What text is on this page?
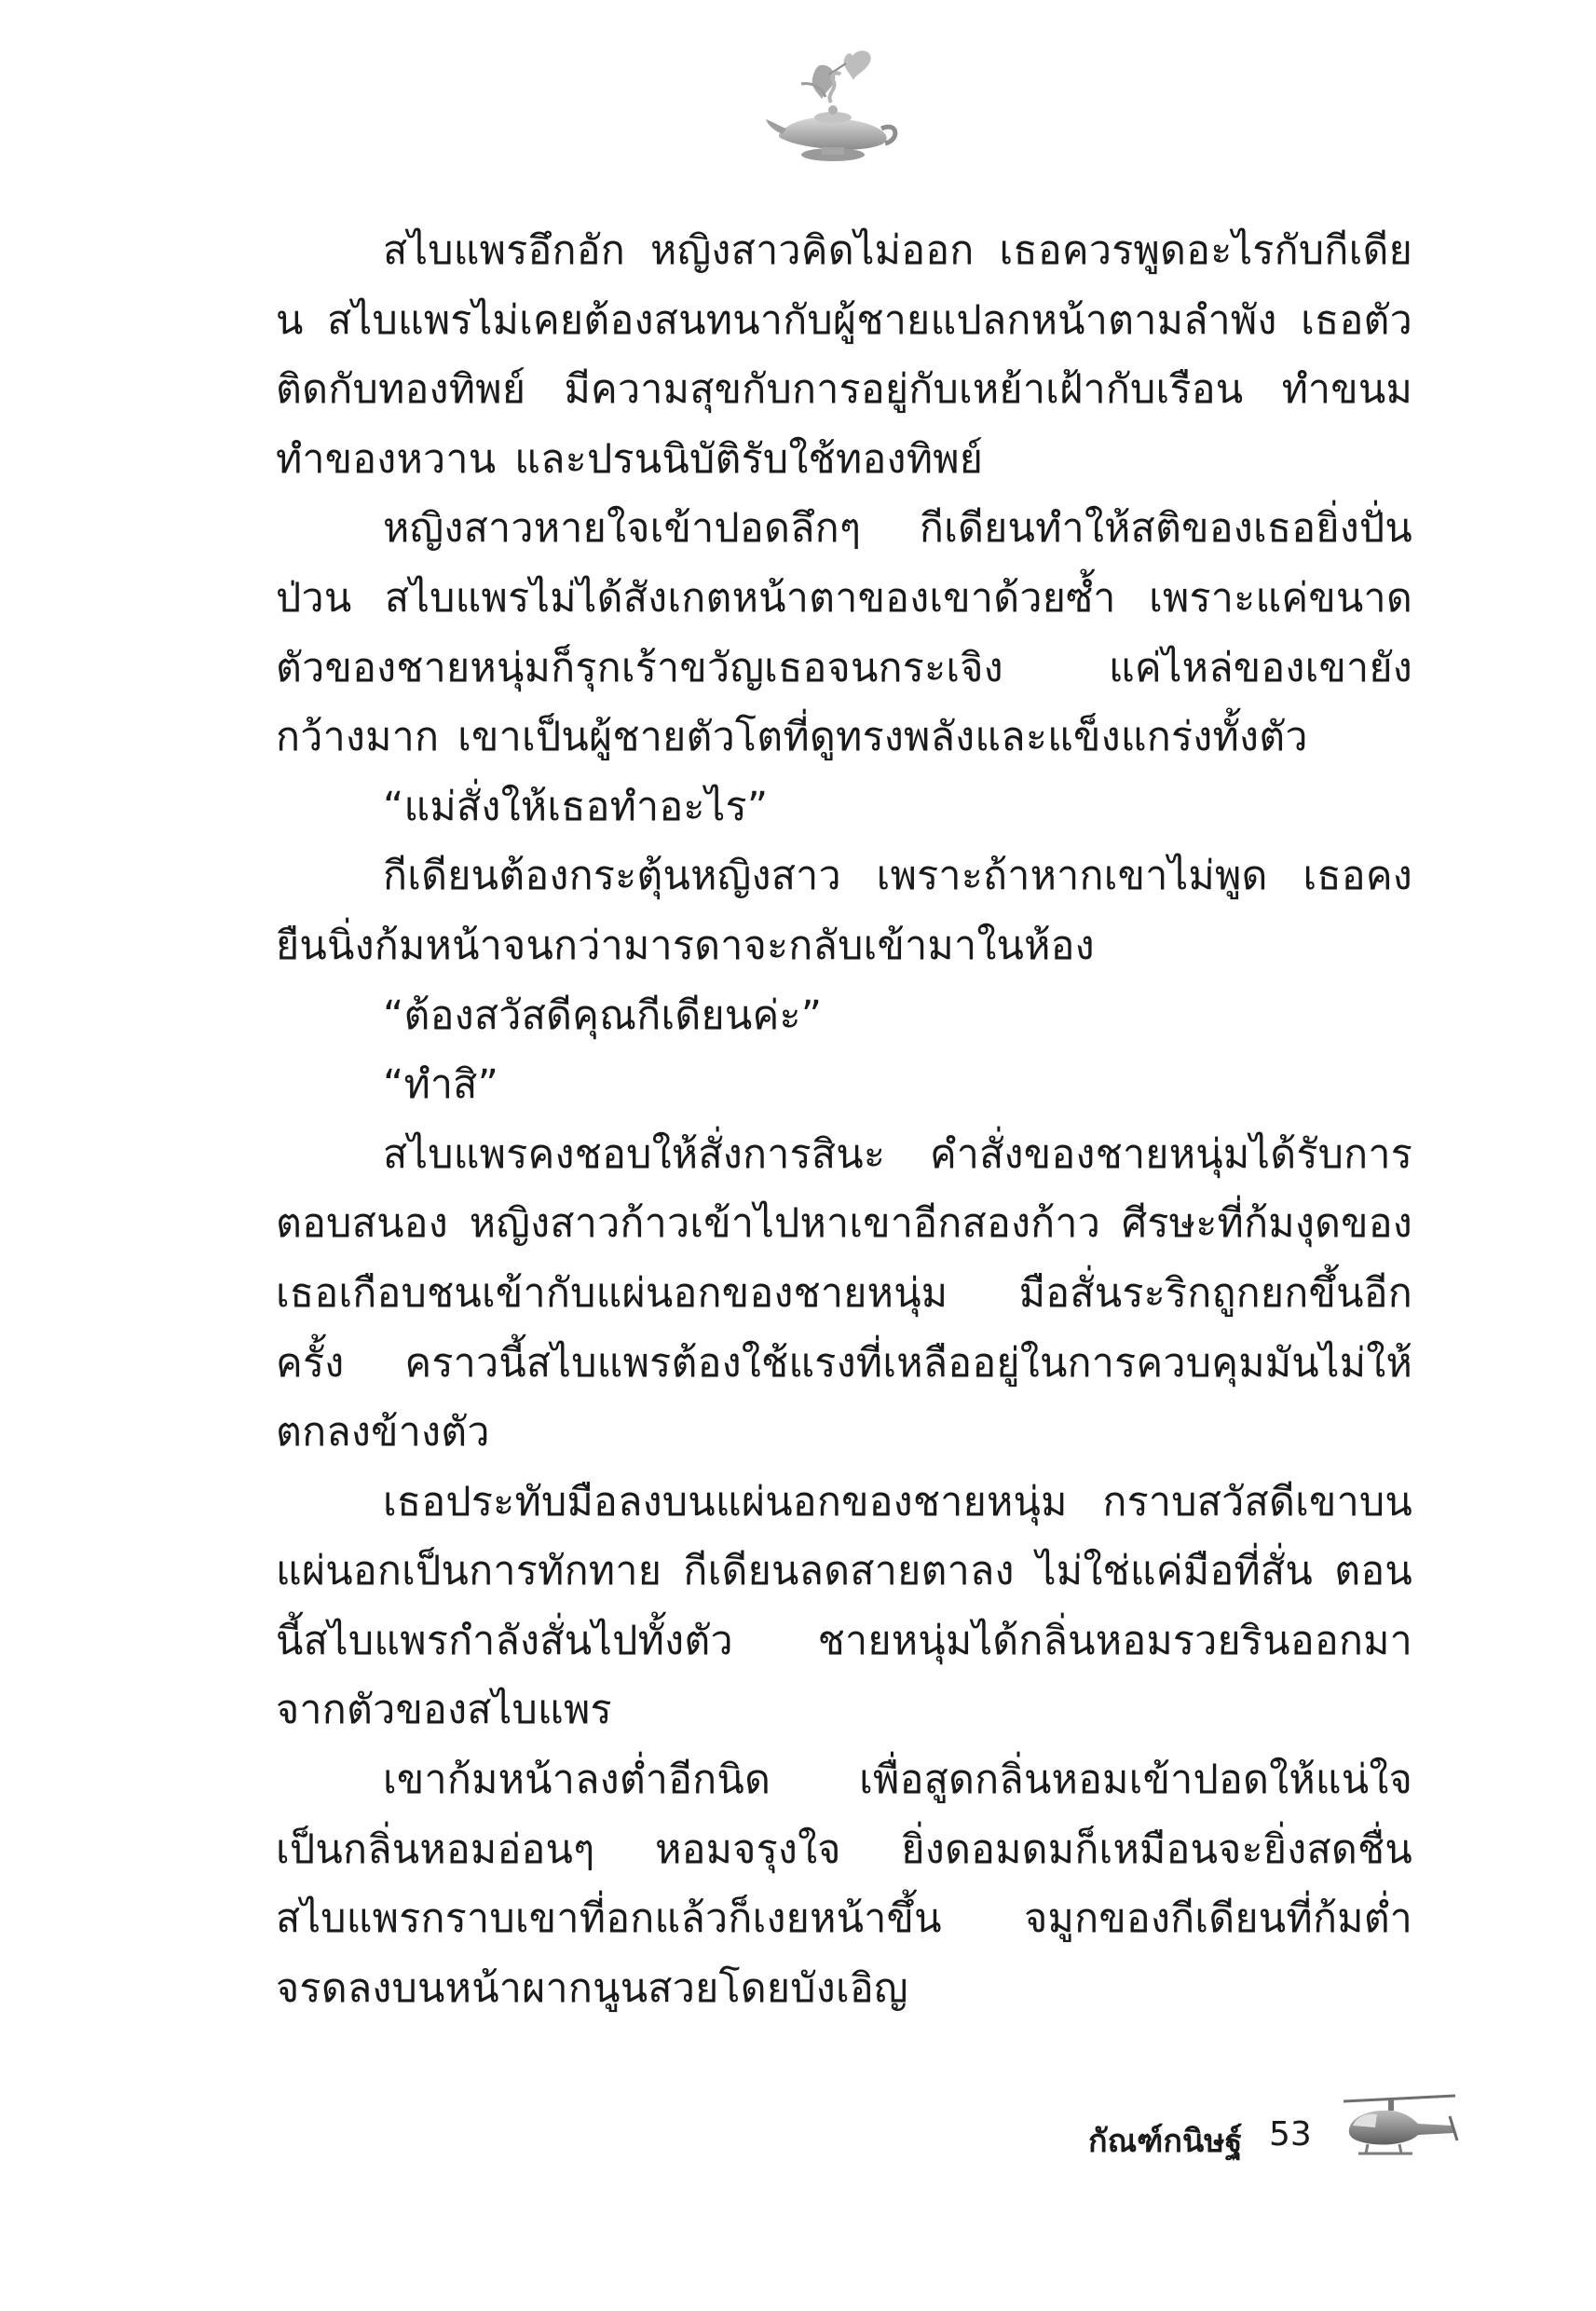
สไบแพรอึกอัก หญิงสาวคิดไม่ออก เธอควรพูดอะไรกับกีเดียน สไบแพรไม่เคยต้องสนทนากับผู้ชายแปลกหน้าตามลำพัง เธอตัวติดกับทองทิพย์ มีความสุขกับการอยู่กับเหย้าเฝ้ากับเรือน ทำขนม ทำของหวาน และปรนนิบัติรับใช้ทองทิพย์

หญิงสาวหายใจเข้าปอดลึกๆ กีเดียนทำให้สติของเธอยิ่งปั่นป่วน สไบแพรไม่ได้สังเกตหน้าตาของเขาด้วยซ้ำ เพราะแค่ขนาดตัวของชายหนุ่มก็รุกเร้าขวัญเธอจนกระเจิง แค่ไหล่ของเขายังกว้างมาก เขาเป็นผู้ชายตัวโตที่ดูทรงพลังและแข็งแกร่งทั้งตัว

“แม่สั่งให้เธอทำอะไร”

กีเดียนต้องกระตุ้นหญิงสาว เพราะถ้าหากเขาไม่พูด เธอคงยืนนิ่งก้มหน้าจนกว่ามารดาจะกลับเข้ามาในห้อง

“ต้องสวัสดีคุณกีเดียนค่ะ”

“ทำสิ”

สไบแพรคงชอบให้สั่งการสินะ คำสั่งของชายหนุ่มได้รับการตอบสนอง หญิงสาวก้าวเข้าไปหาเขาอีกสองก้าว ศีรษะที่ก้มงุดของเธอเกือบชนเข้ากับแผ่นอกของชายหนุ่ม มือสั่นระริกถูกยกขึ้นอีกครั้ง คราวนี้สไบแพรต้องใช้แรงที่เหลืออยู่ในการควบคุมมันไม่ให้ตกลงข้างตัว

เธอประทับมือลงบนแผ่นอกของชายหนุ่ม กราบสวัสดีเขาบนแผ่นอกเป็นการทักทาย กีเดียนลดสายตาลง ไม่ใช่แค่มือที่สั่น ตอนนี้สไบแพรกำลังสั่นไปทั้งตัว ชายหนุ่มได้กลิ่นหอมรวยรินออกมาจากตัวของสไบแพร

เขาก้มหน้าลงต่ำอีกนิด เพื่อสูดกลิ่นหอมเข้าปอดให้แน่ใจ เป็นกลิ่นหอมอ่อนๆ หอมจรุงใจ ยิ่งดอมดมก็เหมือนจะยิ่งสดชื่น สไบแพรกราบเขาที่อกแล้วก็เงยหน้าขึ้น จมูกของกีเดียนที่ก้มต่ำจรดลงบนหน้าผากนูนสวยโดยบังเอิญ

กัณฑ์กนิษฐ์ 53
